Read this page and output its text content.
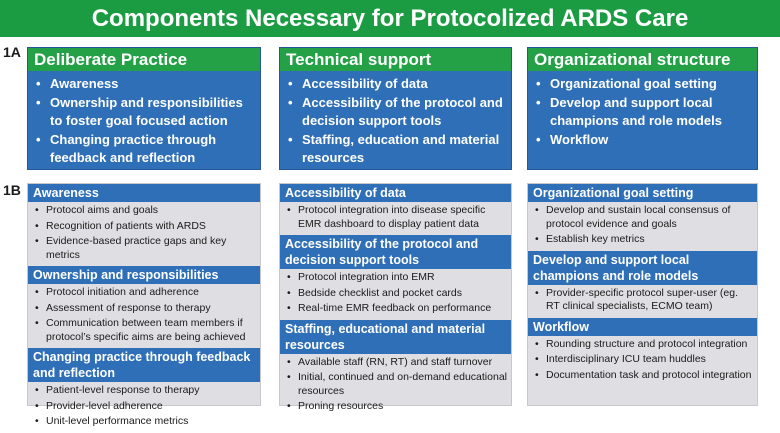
Components Necessary for Protocolized ARDS Care
1A
1B
Deliberate Practice
• Awareness
• Ownership and responsibilities to foster goal focused action
• Changing practice through feedback and reflection
Technical support
• Accessibility of data
• Accessibility of the protocol and decision support tools
• Staffing, education and material resources
Organizational structure
• Organizational goal setting
• Develop and support local champions and role models
• Workflow
Awareness
• Protocol aims and goals
• Recognition of patients with ARDS
• Evidence-based practice gaps and key metrics
Ownership and responsibilities
• Protocol initiation and adherence
• Assessment of response to therapy
• Communication between team members if protocol’s specific aims are being achieved
Changing practice through feedback and reflection
• Patient-level response to therapy
• Provider-level adherence
• Unit-level performance metrics
Accessibility of data
• Protocol integration into disease specific EMR dashboard to display patient data
Accessibility of the protocol and decision support tools
• Protocol integration into EMR
• Bedside checklist and pocket cards
• Real-time EMR feedback on performance
Staffing, educational and material resources
• Available staff (RN, RT) and staff turnover
• Initial, continued and on-demand educational resources
• Proning resources
Organizational goal setting
• Develop and sustain local consensus of protocol evidence and goals
• Establish key metrics
Develop and support local champions and role models
• Provider-specific protocol super-user (eg. RT clinical specialists, ECMO team)
Workflow
• Rounding structure and protocol integration
• Interdisciplinary ICU team huddles
• Documentation task and protocol integration
